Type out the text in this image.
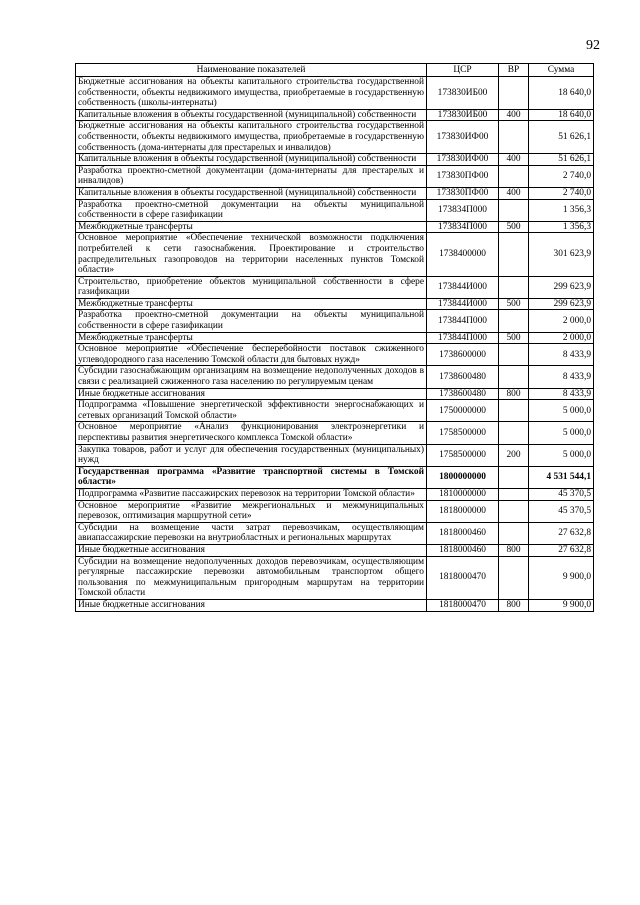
92
Наименование показателей	ЦСР	ВР	Сумма
Бюджетные ассигнования на объекты капитального строительства государственной собственности, объекты недвижимого имущества, приобретаемые в государственную собственность (школы-интернаты)	173830ИБ00		18 640,0
Капитальные вложения в объекты государственной (муниципальной) собственности	173830ИБ00	400	18 640,0
Бюджетные ассигнования на объекты капитального строительства государственной собственности, объекты недвижимого имущества, приобретаемые в государственную собственность (дома-интернаты для престарелых и инвалидов)	173830ИФ00		51 626,1
Капитальные вложения в объекты государственной (муниципальной) собственности	173830ИФ00	400	51 626,1
Разработка проектно-сметной документации (дома-интернаты для престарелых и инвалидов)	173830ПФ00		2 740,0
Капитальные вложения в объекты государственной (муниципальной) собственности	173830ПФ00	400	2 740,0
Разработка проектно-сметной документации на объекты муниципальной собственности в сфере газификации	173834П000		1 356,3
Межбюджетные трансферты	173834П000	500	1 356,3
Основное мероприятие «Обеспечение технической возможности подключения потребителей к сети газоснабжения. Проектирование и строительство распределительных газопроводов на территории населенных пунктов Томской области»	1738400000		301 623,9
Строительство, приобретение объектов муниципальной собственности в сфере газификации	173844И000		299 623,9
Межбюджетные трансферты	173844И000	500	299 623,9
Разработка проектно-сметной документации на объекты муниципальной собственности в сфере газификации	173844П000		2 000,0
Межбюджетные трансферты	173844П000	500	2 000,0
Основное мероприятие «Обеспечение бесперебойности поставок сжиженного углеводородного газа населению Томской области для бытовых нужд»	1738600000		8 433,9
Субсидии газоснабжающим организациям на возмещение недополученных доходов в связи с реализацией сжиженного газа населению по регулируемым ценам	1738600480		8 433,9
Иные бюджетные ассигнования	1738600480	800	8 433,9
Подпрограмма «Повышение энергетической эффективности энергоснабжающих и сетевых организаций Томской области»	1750000000		5 000,0
Основное мероприятие «Анализ функционирования электроэнергетики и перспективы развития энергетического комплекса Томской области»	1758500000		5 000,0
Закупка товаров, работ и услуг для обеспечения государственных (муниципальных) нужд	1758500000	200	5 000,0
Государственная программа «Развитие транспортной системы в Томской области»	1800000000		4 531 544,1
Подпрограмма «Развитие пассажирских перевозок на территории Томской области»	1810000000		45 370,5
Основное мероприятие «Развитие межрегиональных и межмуниципальных перевозок, оптимизация маршрутной сети»	1818000000		45 370,5
Субсидии на возмещение части затрат перевозчикам, осуществляющим авиапассажирские перевозки на внутриобластных и региональных маршрутах	1818000460		27 632,8
Иные бюджетные ассигнования	1818000460	800	27 632,8
Субсидии на возмещение недополученных доходов перевозчикам, осуществляющим регулярные пассажирские перевозки автомобильным транспортом общего пользования по межмуниципальным пригородным маршрутам на территории Томской области	1818000470		9 900,0
Иные бюджетные ассигнования	1818000470	800	9 900,0
